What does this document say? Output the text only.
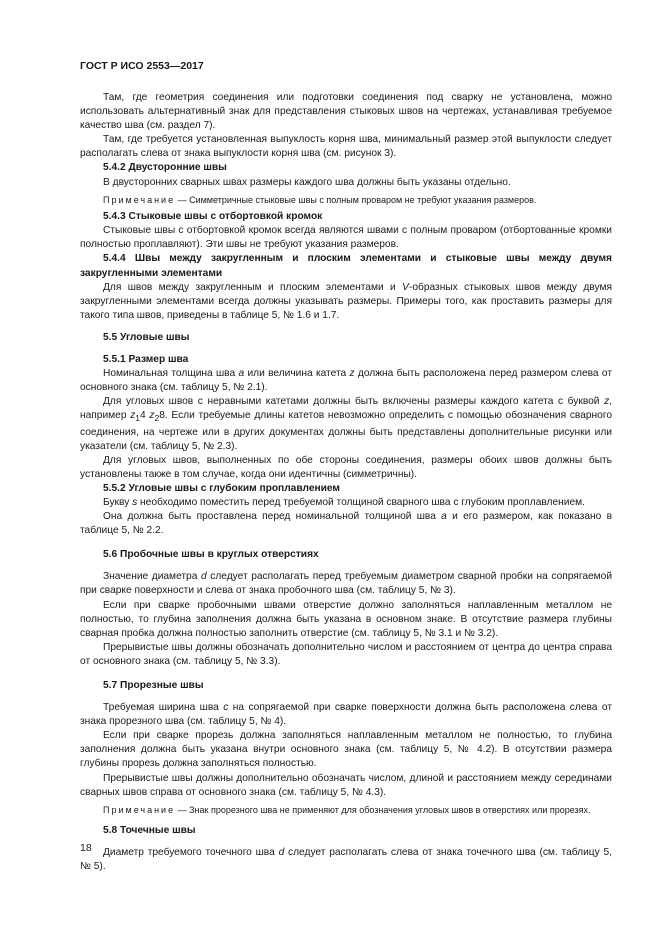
ГОСТ Р ИСО 2553—2017

Там, где геометрия соединения или подготовки соединения под сварку не установлена, можно использовать альтернативный знак для представления стыковых швов на чертежах, устанавливая требуемое качество шва (см. раздел 7).

Там, где требуется установленная выпуклость корня шва, минимальный размер этой выпуклости следует располагать слева от знака выпуклости корня шва (см. рисунок 3).

5.4.2 Двусторонние швы

В двусторонних сварных швах размеры каждого шва должны быть указаны отдельно.

Примечание — Симметричные стыковые швы с полным проваром не требуют указания размеров.

5.4.3 Стыковые швы с отбортовкой кромок

Стыковые швы с отбортовкой кромок всегда являются швами с полным проваром (отбортованные кромки полностью проплавляют). Эти швы не требуют указания размеров.

5.4.4 Швы между закругленным и плоским элементами и стыковые швы между двумя закругленными элементами

Для швов между закругленным и плоским элементами и V-образных стыковых швов между двумя закругленными элементами всегда должны указывать размеры. Примеры того, как проставить размеры для такого типа швов, приведены в таблице 5, № 1.6 и 1.7.

5.5 Угловые швы

5.5.1 Размер шва

Номинальная толщина шва a или величина катета z должна быть расположена перед размером слева от основного знака (см. таблицу 5, № 2.1).

Для угловых швов с неравными катетами должны быть включены размеры каждого катета с буквой z, например $z_14$ $z_28$. Если требуемые длины катетов невозможно определить с помощью обозначения сварного соединения, на чертеже или в других документах должны быть представлены дополнительные рисунки или указатели (см. таблицу 5, № 2.3).

Для угловых швов, выполненных по обе стороны соединения, размеры обоих швов должны быть установлены также в том случае, когда они идентичны (симметричны).

5.5.2 Угловые швы с глубоким проплавлением

Букву s необходимо поместить перед требуемой толщиной сварного шва с глубоким проплавлением.

Она должна быть проставлена перед номинальной толщиной шва a и его размером, как показано в таблице 5, № 2.2.

5.6 Пробочные швы в круглых отверстиях

Значение диаметра d следует располагать перед требуемым диаметром сварной пробки на сопрягаемой при сварке поверхности и слева от знака пробочного шва (см. таблицу 5, № 3).

Если при сварке пробочными швами отверстие должно заполняться наплавленным металлом не полностью, то глубина заполнения должна быть указана в основном знаке. В отсутствие размера глубины сварная пробка должна полностью заполнить отверстие (см. таблицу 5, № 3.1 и № 3.2).

Прерывистые швы должны обозначать дополнительно числом и расстоянием от центра до центра справа от основного знака (см. таблицу 5, № 3.3).

5.7 Прорезные швы

Требуемая ширина шва c на сопрягаемой при сварке поверхности должна быть расположена слева от знака прорезного шва (см. таблицу 5, № 4).

Если при сварке прорезь должна заполняться наплавленным металлом не полностью, то глубина заполнения должна быть указана внутри основного знака (см. таблицу 5, № 4.2). В отсутствии размера глубины прорезь должна заполняться полностью.

Прерывистые швы должны дополнительно обозначать числом, длиной и расстоянием между серединами сварных швов справа от основного знака (см. таблицу 5, № 4.3).

Примечание — Знак прорезного шва не применяют для обозначения угловых швов в отверстиях или прорезях.

5.8 Точечные швы

Диаметр требуемого точечного шва d следует располагать слева от знака точечного шва (см. таблицу 5, № 5).

18
